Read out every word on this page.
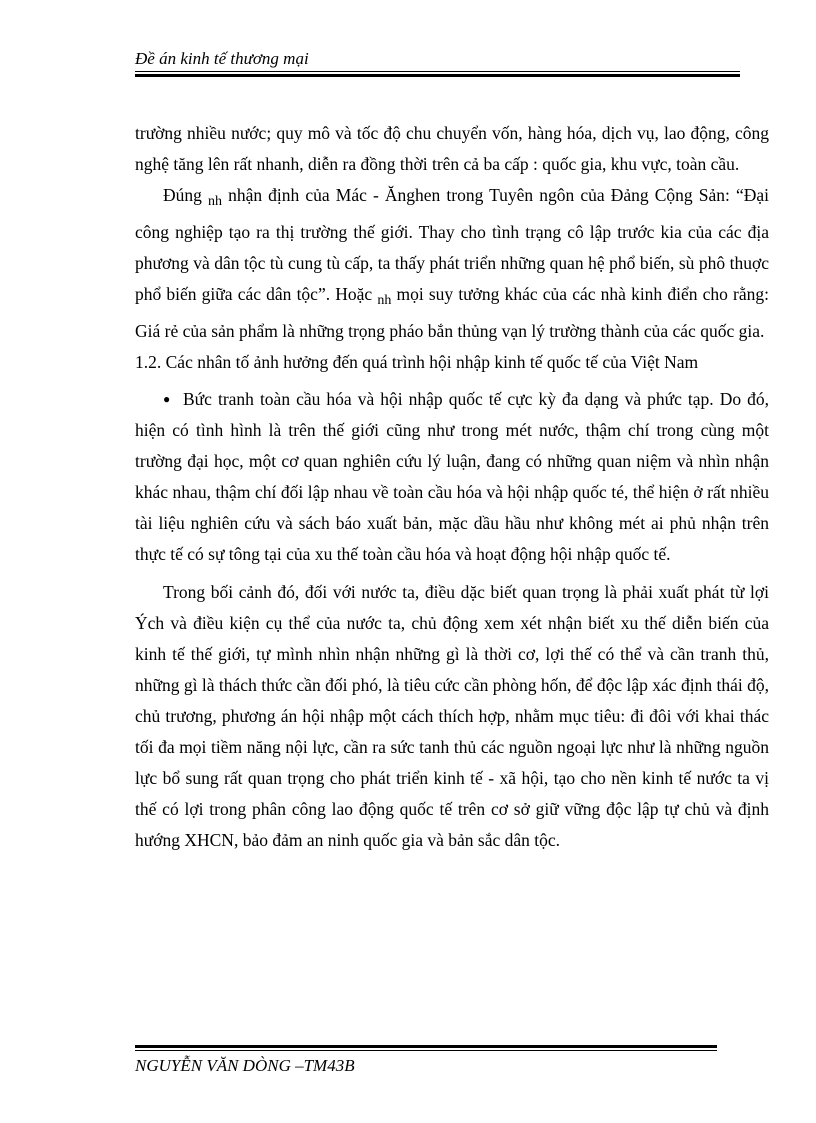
Đề án kinh tế thương mại

trường nhiều nước; quy mô và tốc độ chu chuyển vốn, hàng hóa, dịch vụ, lao động, công nghệ tăng lên rất nhanh, diễn ra đồng thời trên cả ba cấp : quốc gia, khu vực, toàn cầu.

Đúng $_{nh}$ nhận định của Mác - Ănghen trong Tuyên ngôn của Đảng Cộng Sản: “Đại công nghiệp tạo ra thị trường thế giới. Thay cho tình trạng cô lập trước kia của các địa phương và dân tộc tù cung tù cấp, ta thấy phát triển những quan hệ phổ biến, sù phô thuợc phổ biến giữa các dân tộc”. Hoặc $_{nh}$ mọi suy tưởng khác của các nhà kinh điển cho rằng: Giá rẻ của sản phẩm là những trọng pháo bắn thủng vạn lý trường thành của các quốc gia.

1.2. Các nhân tố ảnh hưởng đến quá trình hội nhập kinh tế quốc tế của Việt Nam

● Bức tranh toàn cầu hóa và hội nhập quốc tế cực kỳ đa dạng và phức tạp. Do đó, hiện có tình hình là trên thế giới cũng như trong mét nước, thậm chí trong cùng một trường đại học, một cơ quan nghiên cứu lý luận, đang có những quan niệm và nhìn nhận khác nhau, thậm chí đối lập nhau về toàn cầu hóa và hội nhập quốc té, thể hiện ở rất nhiều tài liệu nghiên cứu và sách báo xuất bản, mặc dầu hầu như không mét ai phủ nhận trên thực tế có sự tông tại của xu thế toàn cầu hóa và hoạt động hội nhập quốc tế.

Trong bối cảnh đó, đối với nước ta, điều dặc biết quan trọng là phải xuất phát từ lợi Ých và điều kiện cụ thể của nước ta, chủ động xem xét nhận biết xu thế diễn biến của kinh tế thế giới, tự mình nhìn nhận những gì là thời cơ, lợi thế có thể và cần tranh thủ, những gì là thách thức cần đối phó, là tiêu cức cần phòng hốn, để độc lập xác định thái độ, chủ trương, phương án hội nhập một cách thích hợp, nhằm mục tiêu: đi đôi với khai thác tối đa mọi tiềm năng nội lực, cần ra sức tanh thủ các nguồn ngoại lực như là những nguồn lực bổ sung rất quan trọng cho phát triển kinh tế - xã hội, tạo cho nền kinh tế nước ta vị thế có lợi trong phân công lao động quốc tế trên cơ sở giữ vững độc lập tự chủ và định hướng XHCN, bảo đảm an ninh quốc gia và bản sắc dân tộc.

NGUYỄN VĂN DÒNG –TM43B
